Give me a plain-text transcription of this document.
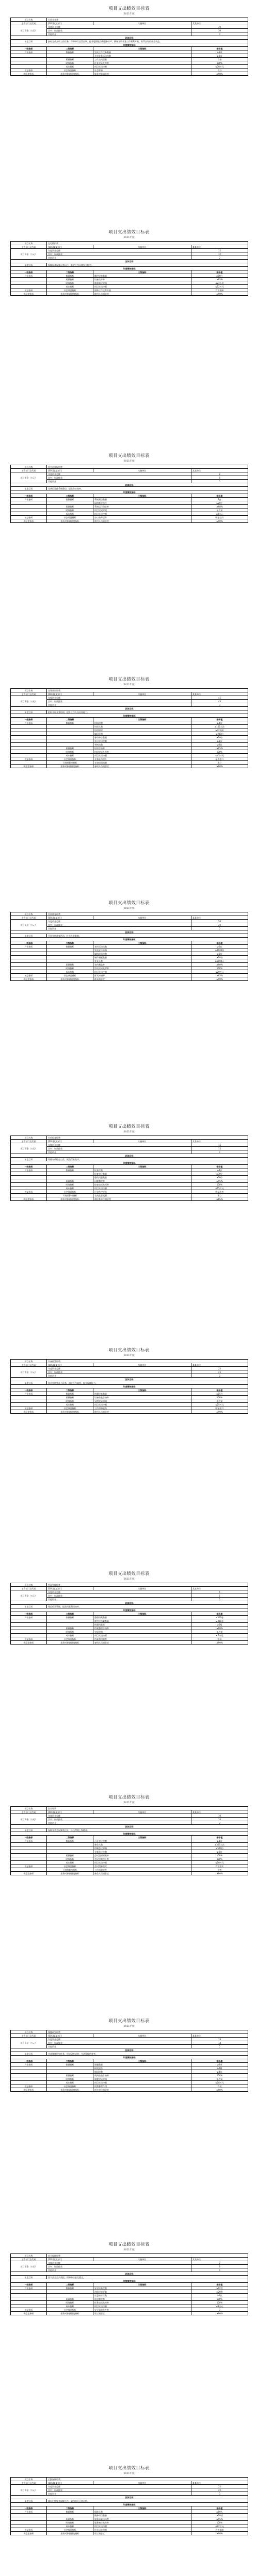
项目支出绩效目标表
（2021年度）
项目名称	专项业务费		
主管部门及代码	[001]某某部门	实施单位	某某单位
项目资金（万元）	年度资金总额		30
	其中：财政拨款		30
	其他资金		0
总体目标			
年度目标	按时完成各项工作任务，保障单位正常运转，提升履职能力和服务水平，确保各项业务工作顺利开展，取得良好的社会效益。		
年度绩效指标			
一级指标	二级指标	三级指标	指标值
产出指标	数量指标	完成工作任务数量	≥1项
		开展业务活动次数	≥2次
	质量指标	工作完成质量	合格
	时效指标	任务完成及时率	100%
	成本指标	项目支出控制	≤30万元
效益指标	社会效益指标	社会影响	良好
满意度指标	服务对象满意度指标	服务对象满意度	≥90%
项目支出绩效目标表
（2021年度）
项目名称	运行维护费		
主管部门及代码	[001]某某部门	实施单位	某某单位
项目资金（万元）	年度资金总额		12
	其中：财政拨款		12
	其他资金		0
总体目标			
年度目标	保障设备设施正常运行，维护工作环境安全稳定。		
年度绩效指标			
一级指标	二级指标	三级指标	指标值
产出指标	数量指标	维护设备数量	≥10台
	质量指标	设备完好率	≥95%
	时效指标	维修响应时间	≤24小时
	成本指标	项目支出控制	≤12万元
效益指标	社会效益指标	保障工作正常开展	有效保障
满意度指标	服务对象满意度指标	使用人员满意度	≥90%
项目支出绩效目标表
（2021年度）
项目名称	信息化建设经费		
主管部门及代码	[001]某某部门	实施单位	某某单位
项目资金（万元）	年度资金总额		8
	其中：财政拨款		8
	其他资金		0
总体目标			
年度目标	完善信息化系统建设，提高办公效率。		
年度绩效指标			
一级指标	二级指标	三级指标	指标值
产出指标	数量指标	系统建设数量	1套
		网络维护点位	≥20个
	质量指标	系统运行稳定率	≥98%
	时效指标	项目完成时间	年底前
	成本指标	项目支出控制	≤8万元
效益指标	社会效益指标	办公效率提升	明显提升
满意度指标	服务对象满意度指标	使用人员满意度	≥90%
项目支出绩效目标表
（2021年度）
项目名称	业务培训经费		
主管部门及代码	[001]某某部门	实施单位	某某单位
项目资金（万元）	年度资金总额		45
	其中：财政拨款		45
	其他资金		0
总体目标			
年度目标	组织开展业务培训，提升工作人员业务能力。		
年度绩效指标			
一级指标	二级指标	三级指标	指标值
产出指标	数量指标	培训次数	≥4次
		培训人数	≥100人次
		培训课时	≥32课时
		编印资料	≥200份
		参训单位数量	≥10个
		外出学习次数	≥1次
		考核次数	≥2次
	质量指标	培训合格率	≥95%
	时效指标	培训完成及时率	100%
	成本指标	项目支出控制	≤45万元
效益指标	社会效益指标	业务能力提升	显著提升
	可持续影响指标	长效培训机制	建立
满意度指标	服务对象满意度指标	参训人员满意度	≥90%
项目支出绩效目标表
（2021年度）
项目名称	宣传教育经费		
主管部门及代码	[001]某某部门	实施单位	某某单位
项目资金（万元）	年度资金总额		20
	其中：财政拨款		20
	其他资金		0
总体目标			
年度目标	开展宣传教育活动，扩大社会影响。		
年度绩效指标			
一级指标	二级指标	三级指标	指标值
产出指标	数量指标	宣传活动次数	≥6次
		发放宣传资料	≥1000份
		媒体报道次数	≥5次
		制作展板数量	≥10块
		受众人数	≥2000人
	质量指标	宣传覆盖率	≥90%
	时效指标	活动完成及时率	100%
	成本指标	项目支出控制	≤20万元
效益指标	社会效益指标	群众知晓率	≥85%
满意度指标	服务对象满意度指标	群众满意度	≥90%
项目支出绩效目标表
（2021年度）
项目名称	专项检查经费		
主管部门及代码	[001]某某部门	实施单位	某某单位
项目资金（万元）	年度资金总额		15
	其中：财政拨款		15
	其他资金		0
总体目标			
年度目标	开展专项检查工作，规范行业秩序。		
年度绩效指标			
一级指标	二级指标	三级指标	指标值
产出指标	数量指标	检查次数	≥4次
		检查单位数量	≥30个
		整改问题数量	≥10个
	质量指标	问题整改率	≥95%
	时效指标	检查完成及时率	100%
	成本指标	项目支出控制	≤15万元
效益指标	社会效益指标	行业秩序规范	明显改善
	可持续影响指标	长效监管机制	建立
满意度指标	服务对象满意度指标	被检查单位满意度	≥85%
项目支出绩效目标表
（2021年度）
项目名称	设备购置经费		
主管部门及代码	[001]某某部门	实施单位	某某单位
项目资金（万元）	年度资金总额		25
	其中：财政拨款		25
	其他资金		0
总体目标			
年度目标	按计划购置办公设备，满足工作需要，提升保障能力。		
年度绩效指标			
一级指标	二级指标	三级指标	指标值
产出指标	数量指标	购置设备数量	≥15台
	质量指标	设备验收合格率	100%
	时效指标	采购完成时间	年底前
	成本指标	项目支出控制	≤25万元
效益指标	社会效益指标	工作保障能力	明显提升
满意度指标	服务对象满意度指标	使用人员满意度	≥90%
项目支出绩效目标表
（2021年度）
项目名称	档案管理经费		
主管部门及代码	[001]某某部门	实施单位	某某单位
项目资金（万元）	年度资金总额		6
	其中：财政拨款		6
	其他资金		0
总体目标			
年度目标	规范档案管理，提高档案利用效率。		
年度绩效指标			
一级指标	二级指标	三级指标	指标值
产出指标	数量指标	整理档案数量	≥500卷
		数字化档案数量	≥300卷
		购置档案柜	≥5组
	质量指标	档案整理合格率	≥98%
	时效指标	完成时间	年底前
	成本指标	项目支出控制	≤6万元
效益指标	社会效益指标	档案利用效率	提高
满意度指标	服务对象满意度指标	查档人员满意度	≥90%
项目支出绩效目标表
（2021年度）
项目名称	会议经费		
主管部门及代码	[001]某某部门	实施单位	某某单位
项目资金（万元）	年度资金总额		10
	其中：财政拨款		10
	其他资金		0
总体目标			
年度目标	保障各类会议顺利召开，传达贯彻上级精神。		
年度绩效指标			
一级指标	二级指标	三级指标	指标值
产出指标	数量指标	召开会议次数	≥8次
		参会人数	≥300人次
		印制会议材料	≥500份
		专题会议次数	≥2次
	质量指标	会议组织规范率	100%
	时效指标	会议按期召开率	100%
	成本指标	项目支出控制	≤10万元
效益指标	社会效益指标	会议精神落实	有效落实
	可持续影响指标	工作机制完善	完善
满意度指标	服务对象满意度指标	参会人员满意度	≥90%
项目支出绩效目标表
（2021年度）
项目名称	课题研究经费		
主管部门及代码	[001]某某部门	实施单位	某某单位
项目资金（万元）	年度资金总额		18
	其中：财政拨款		18
	其他资金		0
总体目标			
年度目标	完成课题研究任务，形成研究成果，为决策提供参考。		
年度绩效指标			
一级指标	二级指标	三级指标	指标值
产出指标	数量指标	课题数量	≥2项
		研究报告	≥2篇
		调研次数	≥4次
	质量指标	成果验收合格率	100%
	时效指标	课题完成时间	年底前
	成本指标	项目支出控制	≤18万元
效益指标	社会效益指标	决策参考作用	有效
满意度指标	服务对象满意度指标	相关单位满意度	≥90%
项目支出绩效目标表
（2021年度）
项目名称	安全保障经费		
主管部门及代码	[001]某某部门	实施单位	某某单位
项目资金（万元）	年度资金总额		9
	其中：财政拨款		9
	其他资金		0
总体目标			
年度目标	落实安全生产责任，保障单位安全稳定。		
年度绩效指标			
一级指标	二级指标	三级指标	指标值
产出指标	数量指标	安全检查次数	≥12次
		消防设施更新	≥20套
		应急演练次数	≥2次
	质量指标	隐患整改率	100%
	时效指标	任务完成及时率	100%
	成本指标	项目支出控制	≤9万元
效益指标	社会效益指标	安全事故发生率	0
满意度指标	服务对象满意度指标	职工满意度	≥90%
项目支出绩效目标表
（2021年度）
项目名称	后勤保障经费		
主管部门及代码	[001]某某部门	实施单位	某某单位
项目资金（万元）	年度资金总额		22
	其中：财政拨款		22
	其他资金		0
总体目标			
年度目标	做好后勤服务保障工作，确保机关正常运转。		
年度绩效指标			
一级指标	二级指标	三级指标	指标值
产出指标	数量指标	保障人数	≥50人
		维修项目数量	≥10项
	质量指标	服务质量达标率	≥95%
	时效指标	服务响应及时率	100%
	成本指标	项目支出控制	≤22万元
效益指标	社会效益指标	机关运转保障	有效保障
满意度指标	服务对象满意度指标	职工满意度	≥90%
